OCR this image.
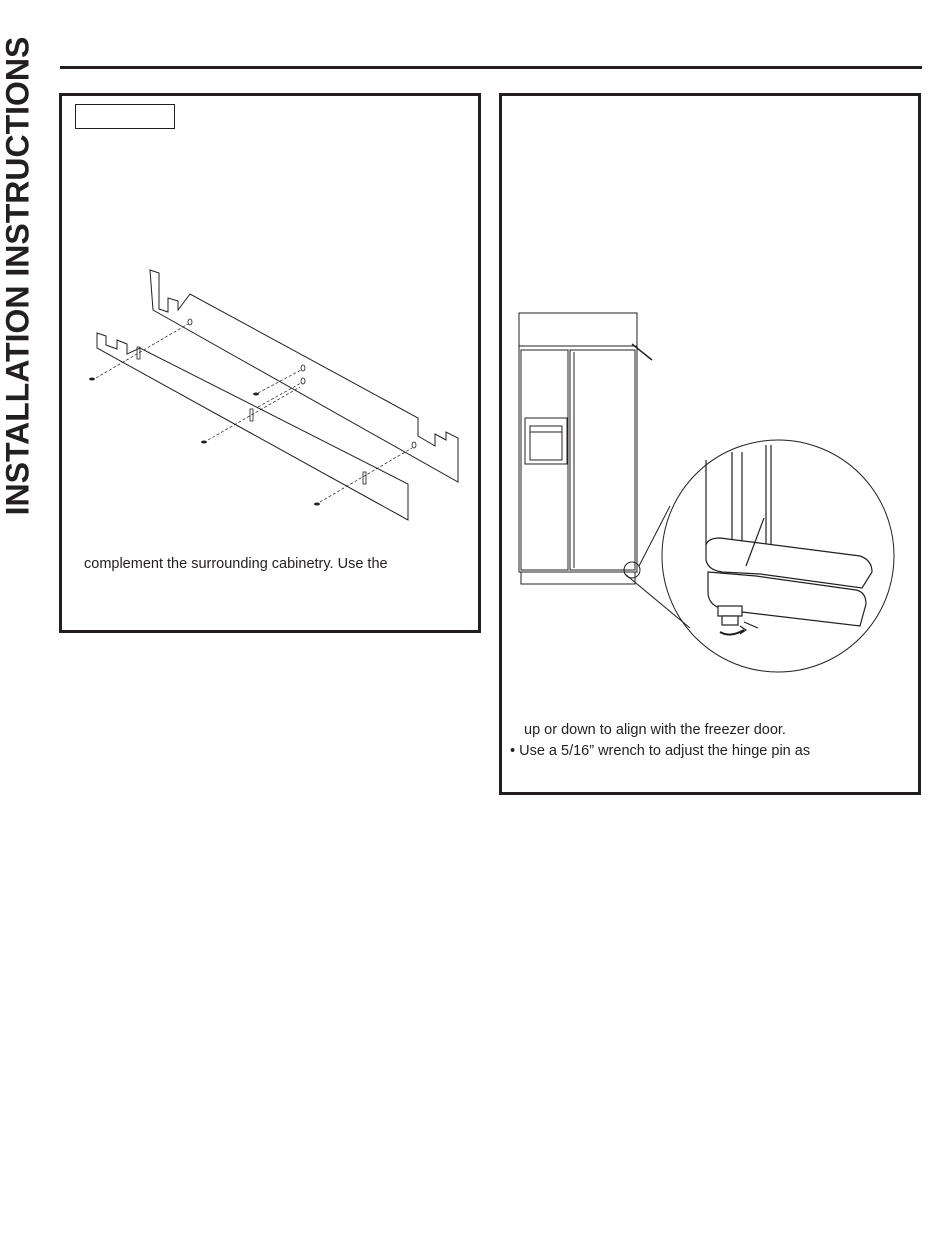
INSTALLATION INSTRUCTIONS
complement the surrounding cabinetry. Use the
up or down to align with the freezer door.
• Use a 5/16” wrench to adjust the hinge pin as
